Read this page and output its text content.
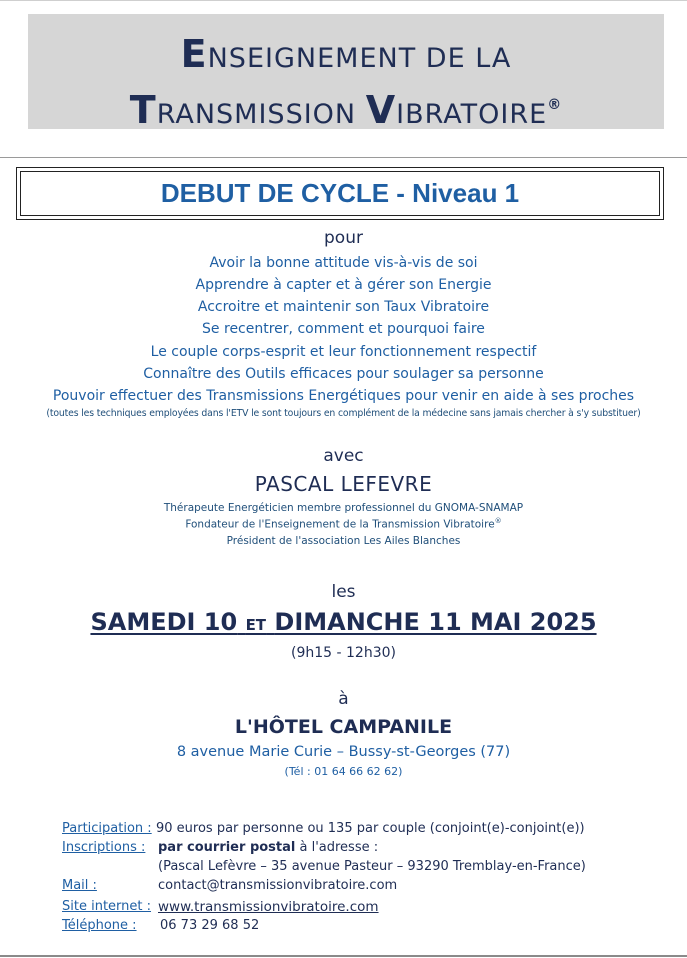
ENSEIGNEMENT DE LA
TRANSMISSION VIBRATOIRE®
DEBUT DE CYCLE - Niveau 1
pour
Avoir la bonne attitude vis-à-vis de soi
Apprendre à capter et à gérer son Energie
Accroitre et maintenir son Taux Vibratoire
Se recentrer, comment et pourquoi faire
Le couple corps-esprit et leur fonctionnement respectif
Connaître des Outils efficaces pour soulager sa personne
Pouvoir effectuer des Transmissions Energétiques pour venir en aide à ses proches
(toutes les techniques employées dans l'ETV le sont toujours en complément de la médecine sans jamais chercher à s'y substituer)
avec
PASCAL LEFEVRE
Thérapeute Energéticien membre professionnel du GNOMA-SNAMAP
Fondateur de l'Enseignement de la Transmission Vibratoire®
Président de l'association Les Ailes Blanches
les
SAMEDI 10 ET DIMANCHE 11 MAI 2025
(9h15 - 12h30)
à
L'HÔTEL CAMPANILE
8 avenue Marie Curie – Bussy-st-Georges (77)
(Tél : 01 64 66 62 62)
Participation : 90 euros par personne ou 135 par couple (conjoint(e)-conjoint(e))
Inscriptions : par courrier postal à l'adresse :
(Pascal Lefèvre – 35 avenue Pasteur – 93290 Tremblay-en-France)
Mail :	contact@transmissionvibratoire.com
Site internet : www.transmissionvibratoire.com
Téléphone : 06 73 29 68 52
